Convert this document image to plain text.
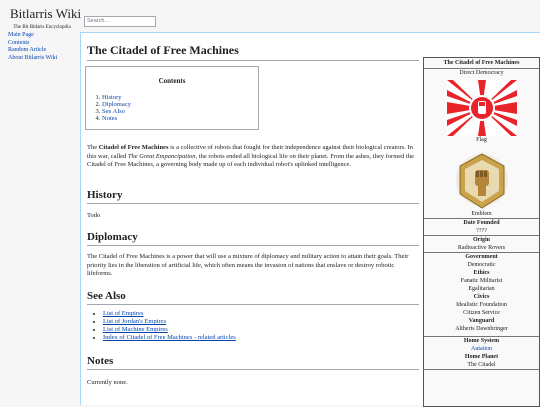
Bitlarris Wiki
The Bit Bitlaris Encyclopdia
Search...
Main Page
Contents
Random Article
About Bitlarris Wiki
The Citadel of Free Machines
Contents
1. History
2. Diplomacy
3. See Also
4. Notes

The Citadel of Free Machines is a collective of robots that fought for their independence against their biological creators. In this war, called The Great Empancipation, the robots ended all biological life on their planet. From the ashes, they formed the Citadel of Free Machines, a governing body made up of each individual robot's uplinked intelligence.

History

Todo

Diplomacy

The Citadel of Free Machines is a power that will use a mixture of diplomacy and military action to attain their goals. Their priority lies in the liberation of artificial life, which often means the invasion of nations that enslave or destroy robotic lifeforms.

See Also
• List of Empires
• List of Jordan's Empires
• List of Machine Empires
• Index of Citadel of Free Machines - related articles
Notes

Currently none.

The Citadel of Free Machines
Direct Democracy
Flag
Emblem
Date Founded
????
Origin
Radioactive Rovers
Government
Democratic
Ethics
Fanatic Militarist
Egalitarian
Civics
Idealistic Foundation
Citizen Service
Vanguard
Altheris Dawnbringer
Home System
Autation
Home Planet
The Citadel
